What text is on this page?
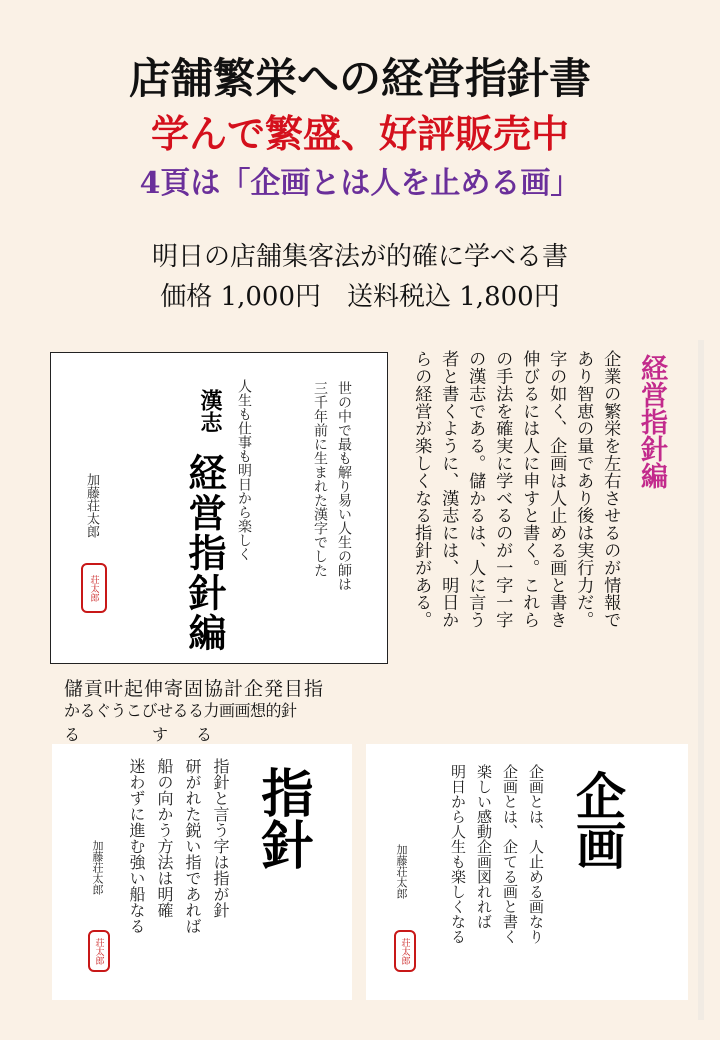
店舗繁栄への経営指針書
学んで繁盛、好評販売中
4頁は「企画とは人を止める画」
明日の店舗集客法が的確に学べる書
価格 1,000円　送料税込 1,800円
世の中で最も解り易い人生の師は
三千年前に生まれた漢字でした
人生も仕事も明日から楽しく
漢志
経営指針編
加藤荘太郎
荘太郎
経営指針編
企業の繁栄を左右させるのが情報で
あり智恵の量であり後は実行力だ。
字の如く、企画は人止める画と書き
伸びるには人に申すと書く。これら
の手法を確実に学べるのが一字一字
の漢志である。儲かるは、人に言う
者と書くように、漢志には、明日か
らの経営が楽しくなる指針がある。
儲貢叶起伸寄固協計企発目指
かるぐうこびせるる力画画想的針
る　　　す　る
指針
指針と言う字は指が針
研がれた鋭い指であれば
船の向かう方法は明確
迷わずに進む強い船なる
加藤荘太郎
荘太郎
企画
企画とは、人止める画なり
企画とは、企てる画と書く
楽しい感動企画図れれば
明日から人生も楽しくなる
加藤荘太郎
荘太郎
